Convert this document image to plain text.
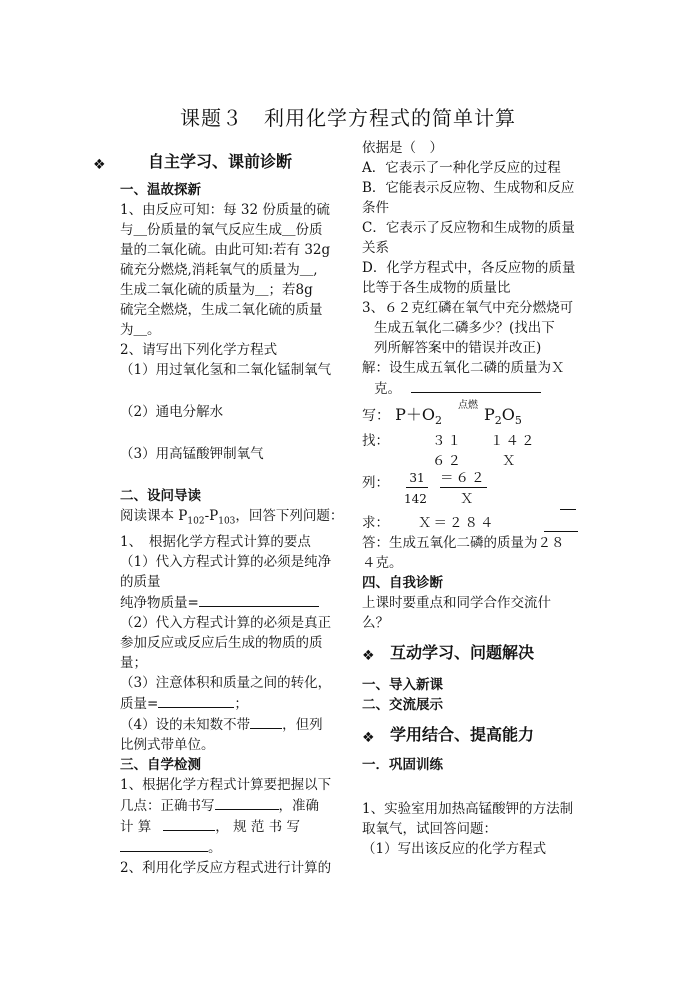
课题３　利用化学方程式的简单计算
❖	自主学习、课前诊断
一、温故探新
1、由反应可知：每 32 份质量的硫
与＿份质量的氧气反应生成＿份质
量的二氧化硫。由此可知:若有 32g
硫充分燃烧,消耗氧气的质量为＿,
生成二氧化硫的质量为＿；若8g
硫完全燃烧，生成二氧化硫的质量
为＿。
2、请写出下列化学方程式
（1）用过氧化氢和二氧化锰制氧气
（2）通电分解水
（3）用高锰酸钾制氧气
二、设问导读
阅读课本 $P_{102}-P_{103}$，回答下列问题：
1、　根据化学方程式计算的要点
（1）代入方程式计算的必须是纯净
的质量
纯净物质量=
（2）代入方程式计算的必须是真正
参加反应或反应后生成的物质的质
量；
（3）注意体积和质量之间的转化，
质量=	；
（4）设的未知数不带 ，但列
比例式带单位。
三、自学检测
1、根据化学方程式计算要把握以下
几点：正确书写	，准确
计 算	， 规 范 书 写
。
2、利用化学反应方程式进行计算的
依据是（　）
A．它表示了一种化学反应的过程
B．它能表示反应物、生成物和反应
条件
C．它表示了反应物和生成物的质量
关系
D．化学方程式中，各反应物的质量
比等于各生成物的质量比
3、６２克红磷在氧气中充分燃烧可
生成五氧化二磷多少？(找出下
列所解答案中的错误并改正)
解：设生成五氧化二磷的质量为Ｘ
克。
写： $P+O_2$
点燃 $P_2O_5$
找：	３１ １４２
６２	Ｘ
列： 31
142
＝６２
Ｘ
求： Ｘ＝２８４
答：生成五氧化二磷的质量为２８
４克。
四、自我诊断
上课时要重点和同学合作交流什
么？
❖ 互动学习、问题解决
一、导入新课
二、交流展示
❖ 学用结合、提高能力
一．巩固训练
1、实验室用加热高锰酸钾的方法制
取氧气，试回答问题：
（1）写出该反应的化学方程式
